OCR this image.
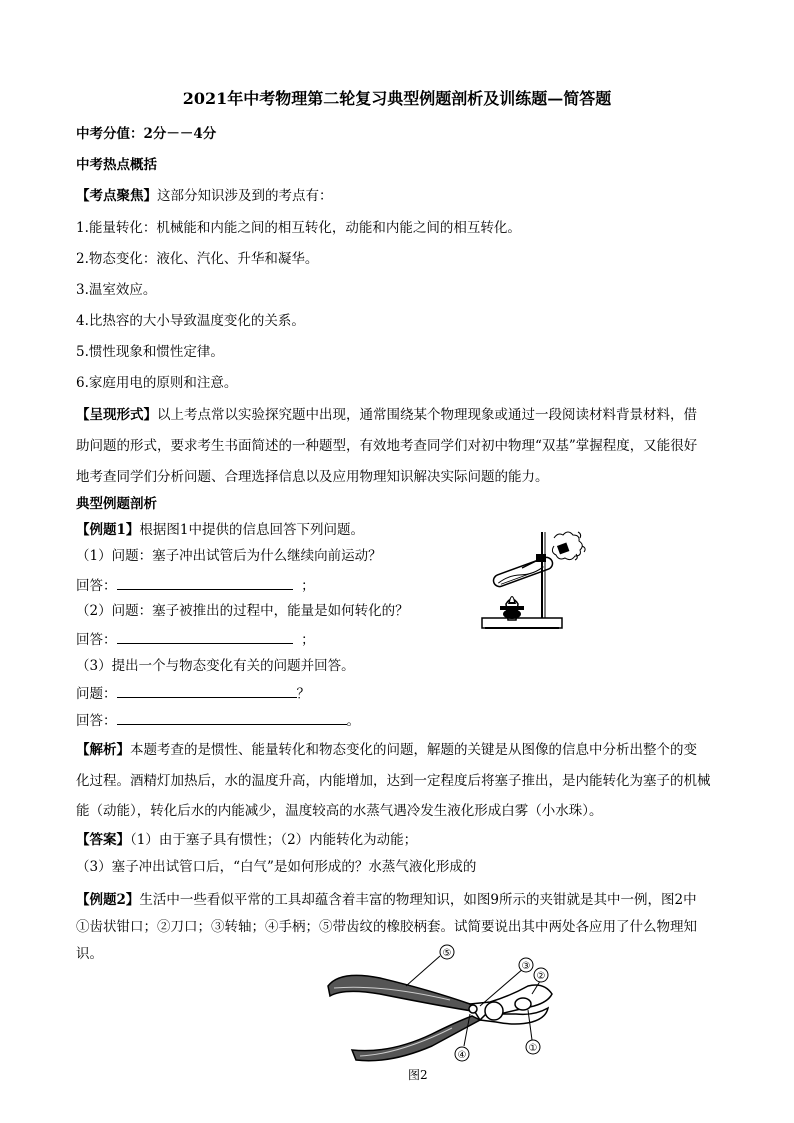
2021年中考物理第二轮复习典型例题剖析及训练题—简答题
中考分值：2分－－4分
中考热点概括
【考点聚焦】这部分知识涉及到的考点有：
1.能量转化：机械能和内能之间的相互转化，动能和内能之间的相互转化。
2.物态变化：液化、汽化、升华和凝华。
3.温室效应。
4.比热容的大小导致温度变化的关系。
5.惯性现象和惯性定律。
6.家庭用电的原则和注意。
【呈现形式】以上考点常以实验探究题中出现，通常围绕某个物理现象或通过一段阅读材料背景材料，借
助问题的形式，要求考生书面简述的一种题型，有效地考查同学们对初中物理“双基”掌握程度，又能很好
地考查同学们分析问题、合理选择信息以及应用物理知识解决实际问题的能力。
典型例题剖析
【例题1】根据图1中提供的信息回答下列问题。
（1）问题：塞子冲出试管后为什么继续向前运动？
回答：	；
（2）问题：塞子被推出的过程中，能量是如何转化的？
回答：	；
（3）提出一个与物态变化有关的问题并回答。
问题：	？
回答：	。
【解析】本题考查的是惯性、能量转化和物态变化的问题，解题的关键是从图像的信息中分析出整个的变
化过程。酒精灯加热后，水的温度升高，内能增加，达到一定程度后将塞子推出，是内能转化为塞子的机械
能（动能），转化后水的内能减少，温度较高的水蒸气遇冷发生液化形成白雾（小水珠）。
【答案】（1）由于塞子具有惯性；（2）内能转化为动能；
（3）塞子冲出试管口后，“白气”是如何形成的？水蒸气液化形成的
【例题2】生活中一些看似平常的工具却蕴含着丰富的物理知识，如图9所示的夹钳就是其中一例，图2中
①齿状钳口；②刀口；③转轴；④手柄；⑤带齿纹的橡胶柄套。试简要说出其中两处各应用了什么物理知
识。	⑤
③
②
④
①
图2
